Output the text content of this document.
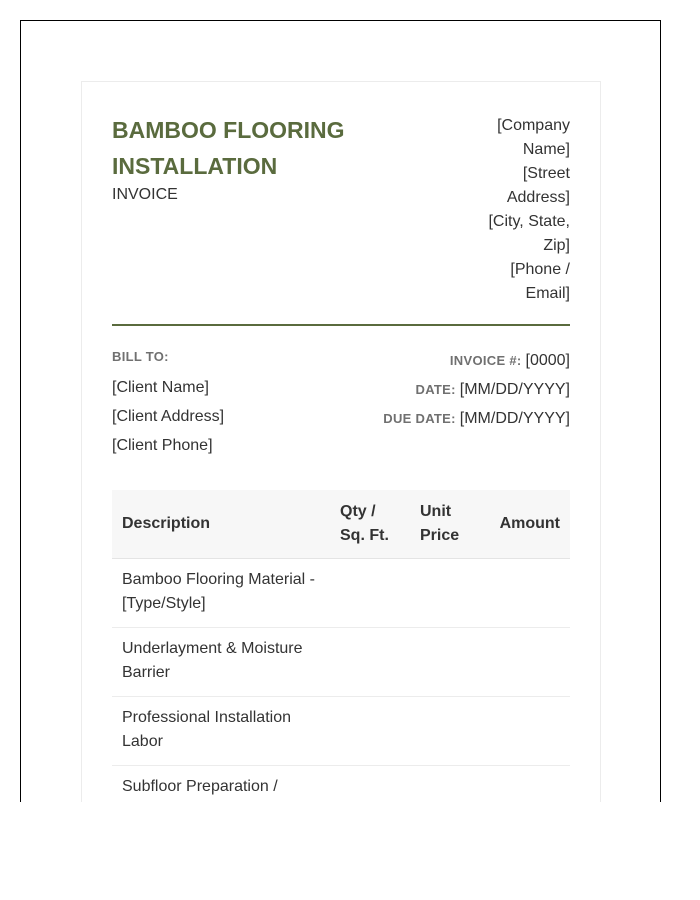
BAMBOO FLOORING INSTALLATION
INVOICE
[Company
Name]
[Street
Address]
[City, State,
Zip]
[Phone /
Email]
BILL TO:
[Client Name]
[Client Address]
[Client Phone]
INVOICE #: [0000]
DATE: [MM/DD/YYYY]
DUE DATE: [MM/DD/YYYY]
Description	Qty / Sq. Ft.	Unit Price	Amount
Bamboo Flooring Material - [Type/Style]			
Underlayment & Moisture Barrier			
Professional Installation Labor			
Subfloor Preparation /			
